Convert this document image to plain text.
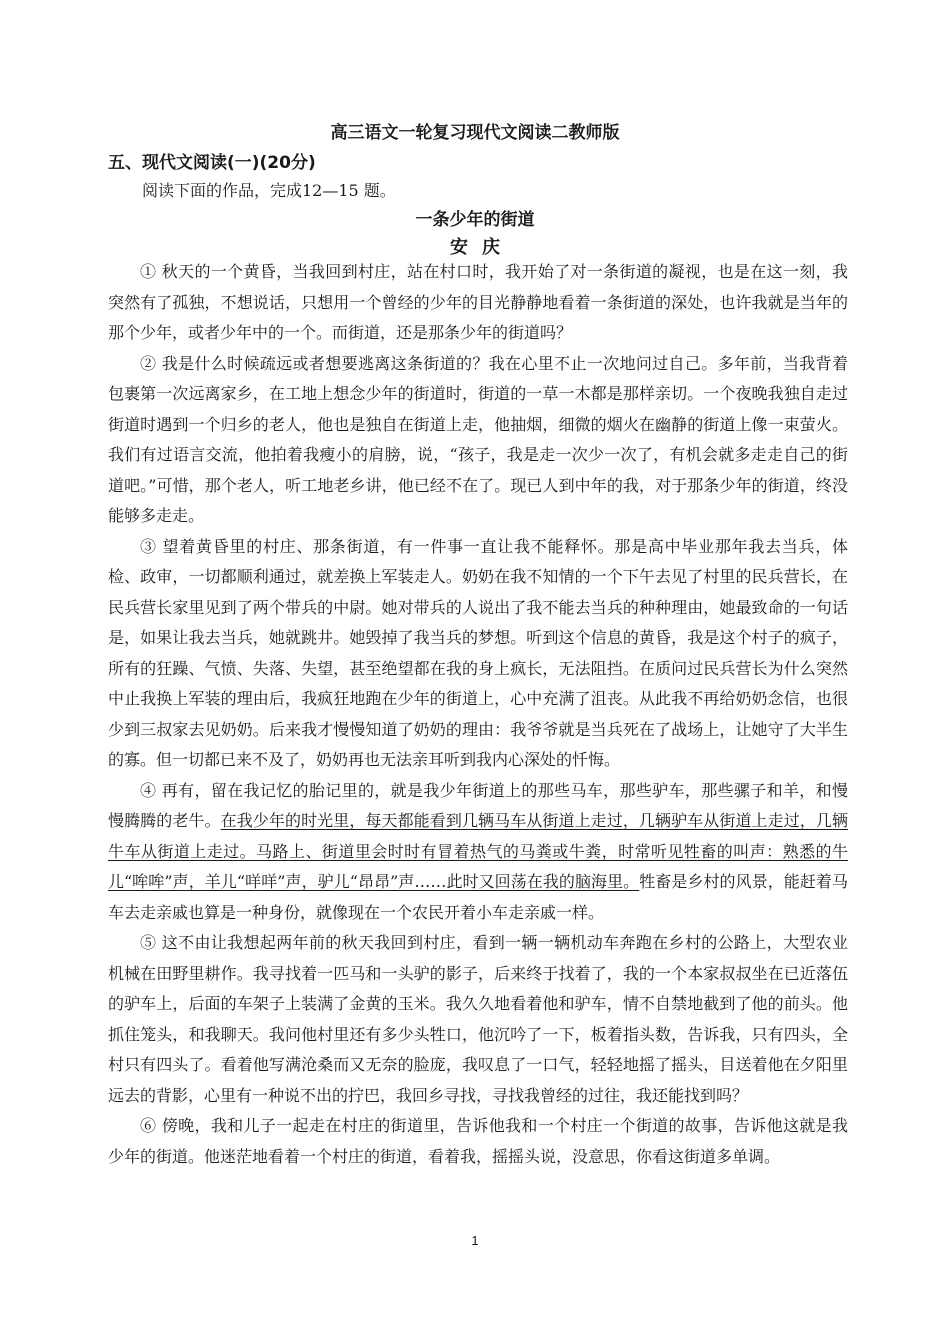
高三语文一轮复习现代文阅读二教师版
五、现代文阅读(一)(20分)
阅读下面的作品，完成12—15 题。
一条少年的街道
安庆

① 秋天的一个黄昏，当我回到村庄，站在村口时，我开始了对一条街道的凝视，也是在这一刻，我突然有了孤独，不想说话，只想用一个曾经的少年的目光静静地看着一条街道的深处，也许我就是当年的那个少年，或者少年中的一个。而街道，还是那条少年的街道吗？

② 我是什么时候疏远或者想要逃离这条街道的？我在心里不止一次地问过自己。多年前，当我背着包裹第一次远离家乡，在工地上想念少年的街道时，街道的一草一木都是那样亲切。一个夜晚我独自走过街道时遇到一个归乡的老人，他也是独自在街道上走，他抽烟，细微的烟火在幽静的街道上像一束萤火。我们有过语言交流，他拍着我瘦小的肩膀，说，“孩子，我是走一次少一次了，有机会就多走走自己的街道吧。”可惜，那个老人，听工地老乡讲，他已经不在了。现已人到中年的我，对于那条少年的街道，终没能够多走走。

③ 望着黄昏里的村庄、那条街道，有一件事一直让我不能释怀。那是高中毕业那年我去当兵，体检、政审，一切都顺利通过，就差换上军装走人。奶奶在我不知情的一个下午去见了村里的民兵营长，在民兵营长家里见到了两个带兵的中尉。她对带兵的人说出了我不能去当兵的种种理由，她最致命的一句话是，如果让我去当兵，她就跳井。她毁掉了我当兵的梦想。听到这个信息的黄昏，我是这个村子的疯子，所有的狂躁、气愤、失落、失望，甚至绝望都在我的身上疯长，无法阻挡。在质问过民兵营长为什么突然中止我换上军装的理由后，我疯狂地跑在少年的街道上，心中充满了沮丧。从此我不再给奶奶念信，也很少到三叔家去见奶奶。后来我才慢慢知道了奶奶的理由：我爷爷就是当兵死在了战场上，让她守了大半生的寡。但一切都已来不及了，奶奶再也无法亲耳听到我内心深处的忏悔。

④ 再有，留在我记忆的胎记里的，就是我少年街道上的那些马车，那些驴车，那些骡子和羊，和慢慢腾腾的老牛。在我少年的时光里，每天都能看到几辆马车从街道上走过，几辆驴车从街道上走过，几辆牛车从街道上走过。马路上、街道里会时时有冒着热气的马粪或牛粪，时常听见牲畜的叫声：熟悉的牛儿“哞哞”声，羊儿“咩咩”声，驴儿“昂昂”声……此时又回荡在我的脑海里。牲畜是乡村的风景，能赶着马车去走亲戚也算是一种身份，就像现在一个农民开着小车走亲戚一样。

⑤ 这不由让我想起两年前的秋天我回到村庄，看到一辆一辆机动车奔跑在乡村的公路上，大型农业机械在田野里耕作。我寻找着一匹马和一头驴的影子，后来终于找着了，我的一个本家叔叔坐在已近落伍的驴车上，后面的车架子上装满了金黄的玉米。我久久地看着他和驴车，情不自禁地截到了他的前头。他抓住笼头，和我聊天。我问他村里还有多少头牲口，他沉吟了一下，板着指头数，告诉我，只有四头，全村只有四头了。看着他写满沧桑而又无奈的脸庞，我叹息了一口气，轻轻地摇了摇头，目送着他在夕阳里远去的背影，心里有一种说不出的拧巴，我回乡寻找，寻找我曾经的过往，我还能找到吗？

⑥ 傍晚，我和儿子一起走在村庄的街道里，告诉他我和一个村庄一个街道的故事，告诉他这就是我少年的街道。他迷茫地看着一个村庄的街道，看着我，摇摇头说，没意思，你看这街道多单调。

1
